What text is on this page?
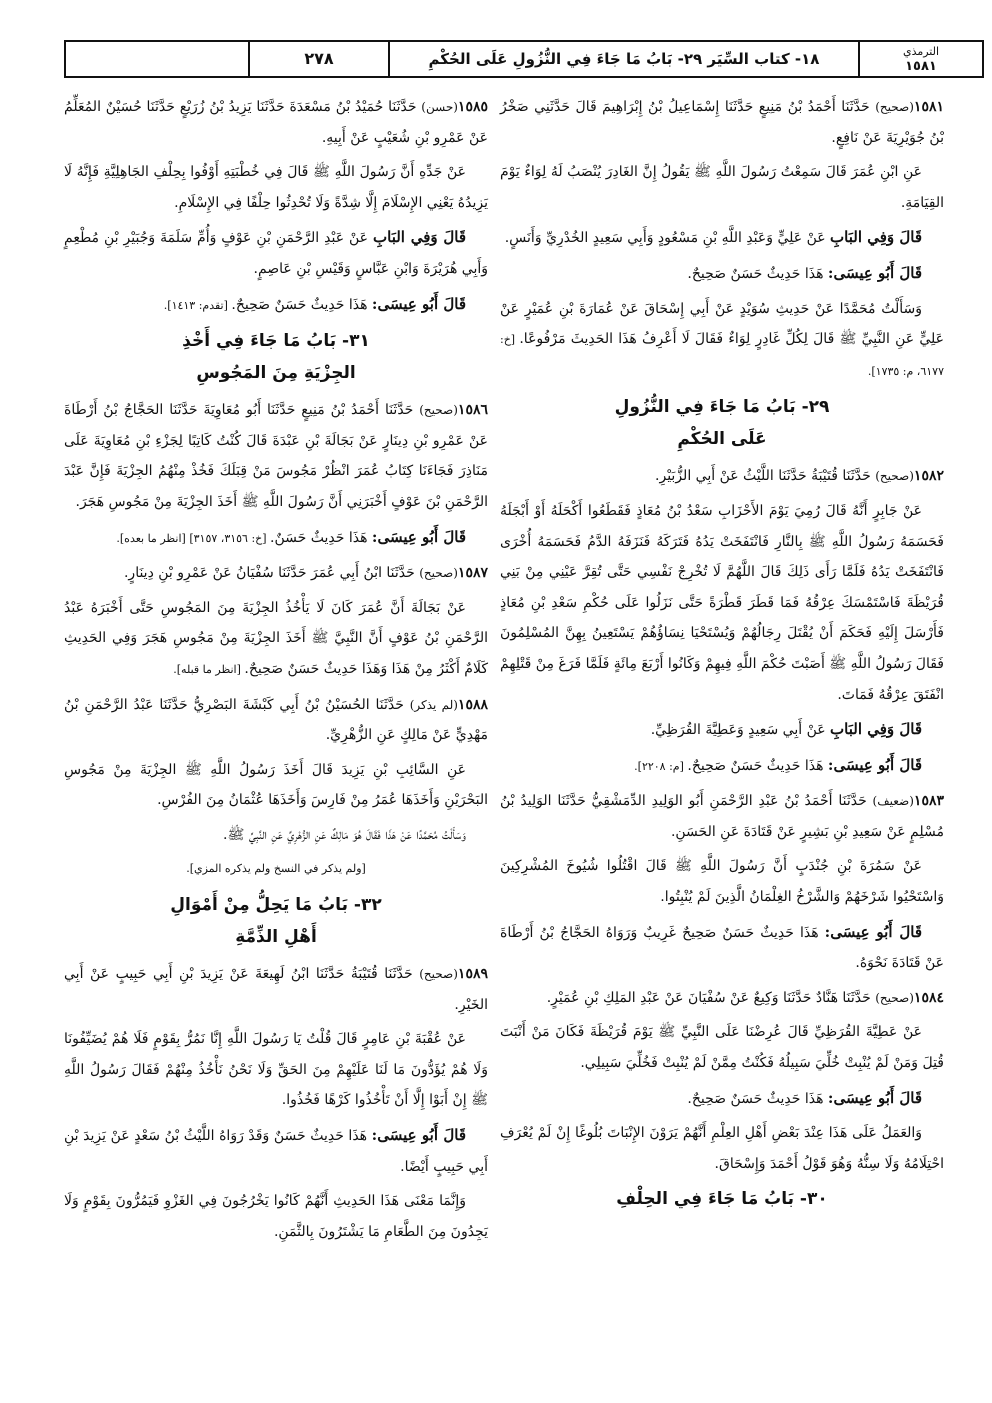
الترمذي
١٥٨١
١٨- كتاب السِّيَر ٢٩- بَابُ مَا جَاءَ فِي النُّزُولِ عَلَى الحُكْمِ
٢٧٨

١٥٨١(صحيح) حَدَّثَنَا أَحْمَدُ بْنُ مَنِيعٍ حَدَّثَنَا إِسْمَاعِيلُ بْنُ إِبْرَاهِيمَ قَالَ حَدَّثَنِي صَخْرُ بْنُ جُوَيْرِيَةَ عَنْ نَافِعٍ.

عَنِ ابْنِ عُمَرَ قَالَ سَمِعْتُ رَسُولَ اللَّهِ ﷺ يَقُولُ إِنَّ الغَادِرَ يُنْصَبُ لَهُ لِوَاءٌ يَوْمَ القِيَامَةِ.

قَالَ وَفِي البَابِ عَنْ عَلِيٍّ وَعَبْدِ اللَّهِ بْنِ مَسْعُودٍ وَأَبِي سَعِيدٍ الخُدْرِيِّ وَأَنَسٍ.

قَالَ أَبُو عِيسَى: هَذَا حَدِيثٌ حَسَنٌ صَحِيحٌ.

وَسَأَلْتُ مُحَمَّدًا عَنْ حَدِيثِ سُوَيْدٍ عَنْ أَبِي إِسْحَاقَ عَنْ عُمَارَةَ بْنِ عُمَيْرٍ عَنْ عَلِيٍّ عَنِ النَّبِيِّ ﷺ قَالَ لِكُلِّ غَادِرٍ لِوَاءٌ فَقَالَ لَا أَعْرِفُ هَذَا الحَدِيثَ مَرْفُوعًا. [خ: ٦١٧٧، م: ١٧٣٥].

٢٩- بَابُ مَا جَاءَ فِي النُّزُولِ
عَلَى الحُكْمِ

١٥٨٢(صحيح) حَدَّثَنَا قُتَيْبَةُ حَدَّثَنَا اللَّيْثُ عَنْ أَبِي الزُّبَيْرِ.

عَنْ جَابِرٍ أَنَّهُ قَالَ رُمِيَ يَوْمَ الأَحْزَابِ سَعْدُ بْنُ مُعَاذٍ فَقَطَعُوا أَكْحَلَهُ أَوْ أَبْجَلَهُ فَحَسَمَهُ رَسُولُ اللَّهِ ﷺ بِالنَّارِ فَانْتَفَخَتْ يَدُهُ فَتَرَكَهُ فَنَزَفَهُ الدَّمُ فَحَسَمَهُ أُخْرَى فَانْتَفَخَتْ يَدُهُ فَلَمَّا رَأَى ذَلِكَ قَالَ اللَّهُمَّ لَا تُخْرِجْ نَفْسِي حَتَّى تُقِرَّ عَيْنِي مِنْ بَنِي قُرَيْظَةَ فَاسْتَمْسَكَ عِرْقُهُ فَمَا قَطَرَ قَطْرَةً حَتَّى نَزَلُوا عَلَى حُكْمِ سَعْدِ بْنِ مُعَاذٍ فَأَرْسَلَ إِلَيْهِ فَحَكَمَ أَنْ يُقْتَلَ رِجَالُهُمْ وَيُسْتَحْيَا نِسَاؤُهُمْ يَسْتَعِينُ بِهِنَّ المُسْلِمُونَ فَقَالَ رَسُولُ اللَّهِ ﷺ أَصَبْتَ حُكْمَ اللَّهِ فِيهِمْ وَكَانُوا أَرْبَعَ مِائَةٍ فَلَمَّا فَرَغَ مِنْ قَتْلِهِمْ انْفَتَقَ عِرْقُهُ فَمَاتَ.

قَالَ وَفِي البَابِ عَنْ أَبِي سَعِيدٍ وَعَطِيَّةَ القُرَظِيِّ.

قَالَ أَبُو عِيسَى: هَذَا حَدِيثٌ حَسَنٌ صَحِيحٌ. [م: ٢٢٠٨].

١٥٨٣(ضعيف) حَدَّثَنَا أَحْمَدُ بْنُ عَبْدِ الرَّحْمَنِ أَبُو الوَلِيدِ الدِّمَشْقِيُّ حَدَّثَنَا الوَلِيدُ بْنُ مُسْلِمٍ عَنْ سَعِيدِ بْنِ بَشِيرٍ عَنْ قَتَادَةَ عَنِ الحَسَنِ.

عَنْ سَمُرَةَ بْنِ جُنْدَبٍ أَنَّ رَسُولَ اللَّهِ ﷺ قَالَ اقْتُلُوا شُيُوخَ المُشْرِكِينَ وَاسْتَحْيُوا شَرْخَهُمْ وَالشَّرْخُ الغِلْمَانُ الَّذِينَ لَمْ يُنْبِتُوا.

قَالَ أَبُو عِيسَى: هَذَا حَدِيثٌ حَسَنٌ صَحِيحٌ غَرِيبٌ وَرَوَاهُ الحَجَّاجُ بْنُ أَرْطَاةَ عَنْ قَتَادَةَ نَحْوَهُ.

١٥٨٤(صحيح) حَدَّثَنَا هَنَّادٌ حَدَّثَنَا وَكِيعٌ عَنْ سُفْيَانَ عَنْ عَبْدِ المَلِكِ بْنِ عُمَيْرٍ.

عَنْ عَطِيَّةَ القُرَظِيِّ قَالَ عُرِضْنَا عَلَى النَّبِيِّ ﷺ يَوْمَ قُرَيْظَةَ فَكَانَ مَنْ أَنْبَتَ قُتِلَ وَمَنْ لَمْ يُنْبِتْ خُلِّيَ سَبِيلُهُ فَكُنْتُ مِمَّنْ لَمْ يُنْبِتْ فَخُلِّيَ سَبِيلِي.

قَالَ أَبُو عِيسَى: هَذَا حَدِيثٌ حَسَنٌ صَحِيحٌ.

وَالعَمَلُ عَلَى هَذَا عِنْدَ بَعْضِ أَهْلِ العِلْمِ أَنَّهُمْ يَرَوْنَ الإِنْبَاتَ بُلُوغًا إِنْ لَمْ يُعْرَفِ احْتِلَامُهُ وَلَا سِنُّهُ وَهُوَ قَوْلُ أَحْمَدَ وَإِسْحَاقَ.

٣٠- بَابُ مَا جَاءَ فِي الحِلْفِ

١٥٨٥(حسن) حَدَّثَنَا حُمَيْدُ بْنُ مَسْعَدَةَ حَدَّثَنَا يَزِيدُ بْنُ زُرَيْعٍ حَدَّثَنَا حُسَيْنٌ المُعَلِّمُ عَنْ عَمْرِو بْنِ شُعَيْبٍ عَنْ أَبِيهِ.

عَنْ جَدِّهِ أَنَّ رَسُولَ اللَّهِ ﷺ قَالَ فِي خُطْبَتِهِ أَوْفُوا بِحِلْفِ الجَاهِلِيَّةِ فَإِنَّهُ لَا يَزِيدُهُ يَعْنِي الإِسْلَامَ إِلَّا شِدَّةً وَلَا تُحْدِثُوا حِلْفًا فِي الإِسْلَامِ.

قَالَ وَفِي البَابِ عَنْ عَبْدِ الرَّحْمَنِ بْنِ عَوْفٍ وَأُمِّ سَلَمَةَ وَجُبَيْرِ بْنِ مُطْعِمٍ وَأَبِي هُرَيْرَةَ وَابْنِ عَبَّاسٍ وَقَيْسِ بْنِ عَاصِمٍ.

قَالَ أَبُو عِيسَى: هَذَا حَدِيثٌ حَسَنٌ صَحِيحٌ. [تقدم: ١٤١٣].

٣١- بَابُ مَا جَاءَ فِي أَخْذِ
الجِزْيَةِ مِنَ المَجُوسِ

١٥٨٦(صحيح) حَدَّثَنَا أَحْمَدُ بْنُ مَنِيعٍ حَدَّثَنَا أَبُو مُعَاوِيَةَ حَدَّثَنَا الحَجَّاجُ بْنُ أَرْطَاةَ عَنْ عَمْرِو بْنِ دِينَارٍ عَنْ بَجَالَةَ بْنِ عَبْدَةَ قَالَ كُنْتُ كَاتِبًا لِجَزْءِ بْنِ مُعَاوِيَةَ عَلَى مَنَاذِرَ فَجَاءَنَا كِتَابُ عُمَرَ انْظُرْ مَجُوسَ مَنْ قِبَلَكَ فَخُذْ مِنْهُمُ الجِزْيَةَ فَإِنَّ عَبْدَ الرَّحْمَنِ بْنَ عَوْفٍ أَخْبَرَنِي أَنَّ رَسُولَ اللَّهِ ﷺ أَخَذَ الجِزْيَةَ مِنْ مَجُوسِ هَجَرَ.

قَالَ أَبُو عِيسَى: هَذَا حَدِيثٌ حَسَنٌ. [خ: ٣١٥٦، ٣١٥٧] [انظر ما بعده].

١٥٨٧(صحيح) حَدَّثَنَا ابْنُ أَبِي عُمَرَ حَدَّثَنَا سُفْيَانُ عَنْ عَمْرِو بْنِ دِينَارٍ.

عَنْ بَجَالَةَ أَنَّ عُمَرَ كَانَ لَا يَأْخُذُ الجِزْيَةَ مِنَ المَجُوسِ حَتَّى أَخْبَرَهُ عَبْدُ الرَّحْمَنِ بْنُ عَوْفٍ أَنَّ النَّبِيَّ ﷺ أَخَذَ الجِزْيَةَ مِنْ مَجُوسِ هَجَرَ وَفِي الحَدِيثِ كَلَامٌ أَكْثَرُ مِنْ هَذَا وَهَذَا حَدِيثٌ حَسَنٌ صَحِيحٌ. [انظر ما قبله].

١٥٨٨(لم يذكر) حَدَّثَنَا الحُسَيْنُ بْنُ أَبِي كَبْشَةَ البَصْرِيُّ حَدَّثَنَا عَبْدُ الرَّحْمَنِ بْنُ مَهْدِيٍّ عَنْ مَالِكٍ عَنِ الزُّهْرِيِّ.

عَنِ السَّائِبِ بْنِ يَزِيدَ قَالَ أَخَذَ رَسُولُ اللَّهِ ﷺ الجِزْيَةَ مِنْ مَجُوسِ البَحْرَيْنِ وَأَخَذَهَا عُمَرُ مِنْ فَارِسَ وَأَخَذَهَا عُثْمَانُ مِنَ الفُرْسِ.

وَسَأَلْتُ مُحَمَّدًا عَنْ هَذَا فَقَالَ هُوَ مَالِكٌ عَنِ الزُّهْرِيِّ عَنِ النَّبِيِّ ﷺ.

[ولم يذكر في النسخ ولم يذكره المزي].

٣٢- بَابُ مَا يَحِلُّ مِنْ أَمْوَالِ
أَهْلِ الذِّمَّةِ

١٥٨٩(صحيح) حَدَّثَنَا قُتَيْبَةُ حَدَّثَنَا ابْنُ لَهِيعَةَ عَنْ يَزِيدَ بْنِ أَبِي حَبِيبٍ عَنْ أَبِي الخَيْرِ.

عَنْ عُقْبَةَ بْنِ عَامِرٍ قَالَ قُلْتُ يَا رَسُولَ اللَّهِ إِنَّا نَمُرُّ بِقَوْمٍ فَلَا هُمْ يُضَيِّفُونَا وَلَا هُمْ يُؤَدُّونَ مَا لَنَا عَلَيْهِمْ مِنَ الحَقِّ وَلَا نَحْنُ نَأْخُذُ مِنْهُمْ فَقَالَ رَسُولُ اللَّهِ ﷺ إِنْ أَبَوْا إِلَّا أَنْ تَأْخُذُوا كَرْهًا فَخُذُوا.

قَالَ أَبُو عِيسَى: هَذَا حَدِيثٌ حَسَنٌ وَقَدْ رَوَاهُ اللَّيْثُ بْنُ سَعْدٍ عَنْ يَزِيدَ بْنِ أَبِي حَبِيبٍ أَيْضًا.

وَإِنَّمَا مَعْنَى هَذَا الحَدِيثِ أَنَّهُمْ كَانُوا يَخْرُجُونَ فِي الغَزْوِ فَيَمُرُّونَ بِقَوْمٍ وَلَا يَجِدُونَ مِنَ الطَّعَامِ مَا يَشْتَرُونَ بِالثَّمَنِ.
